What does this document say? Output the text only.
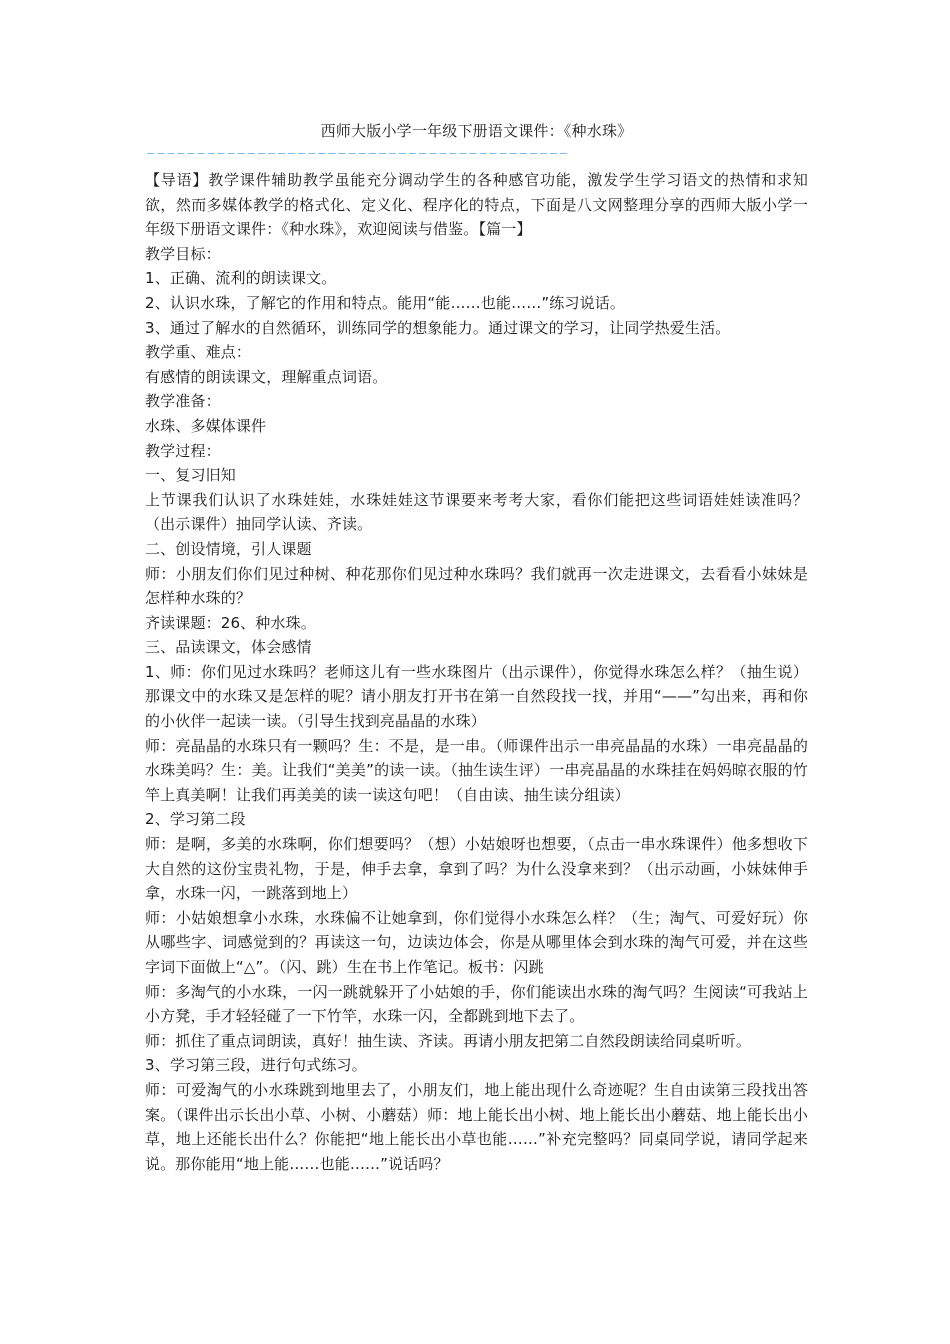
西师大版小学一年级下册语文课件：《种水珠》
——————————————————————————————————————————

【导语】教学课件辅助教学虽能充分调动学生的各种感官功能，激发学生学习语文的热情和求知欲，然而多媒体教学的格式化、定义化、程序化的特点，下面是八文网整理分享的西师大版小学一年级下册语文课件：《种水珠》，欢迎阅读与借鉴。【篇一】

教学目标：

1、正确、流利的朗读课文。

2、认识水珠，了解它的作用和特点。能用“能……也能……”练习说话。

3、通过了解水的自然循环，训练同学的想象能力。通过课文的学习，让同学热爱生活。

教学重、难点：

有感情的朗读课文，理解重点词语。

教学准备：

水珠、多媒体课件

教学过程：

一、复习旧知

上节课我们认识了水珠娃娃，水珠娃娃这节课要来考考大家，看你们能把这些词语娃娃读准吗？（出示课件）抽同学认读、齐读。

二、创设情境，引人课题

师：小朋友们你们见过种树、种花那你们见过种水珠吗？我们就再一次走进课文，去看看小妹妹是怎样种水珠的？

齐读课题：26、种水珠。

三、品读课文，体会感情

1、师：你们见过水珠吗？老师这儿有一些水珠图片（出示课件），你觉得水珠怎么样？（抽生说）那课文中的水珠又是怎样的呢？请小朋友打开书在第一自然段找一找，并用“——”勾出来，再和你的小伙伴一起读一读。（引导生找到亮晶晶的水珠）

师：亮晶晶的水珠只有一颗吗？生：不是，是一串。（师课件出示一串亮晶晶的水珠）一串亮晶晶的水珠美吗？生：美。让我们“美美”的读一读。（抽生读生评）一串亮晶晶的水珠挂在妈妈晾衣服的竹竿上真美啊！让我们再美美的读一读这句吧！（自由读、抽生读分组读）

2、学习第二段

师：是啊，多美的水珠啊，你们想要吗？（想）小姑娘呀也想要，（点击一串水珠课件）他多想收下大自然的这份宝贵礼物，于是，伸手去拿，拿到了吗？为什么没拿来到？（出示动画，小妹妹伸手拿，水珠一闪，一跳落到地上）

师：小姑娘想拿小水珠，水珠偏不让她拿到，你们觉得小水珠怎么样？（生；淘气、可爱好玩）你从哪些字、词感觉到的？再读这一句，边读边体会，你是从哪里体会到水珠的淘气可爱，并在这些字词下面做上“△”。（闪、跳）生在书上作笔记。板书：闪跳

师：多淘气的小水珠，一闪一跳就躲开了小姑娘的手，你们能读出水珠的淘气吗？生阅读“可我站上小方凳，手才轻轻碰了一下竹竿，水珠一闪，全都跳到地下去了。

师：抓住了重点词朗读，真好！抽生读、齐读。再请小朋友把第二自然段朗读给同桌听听。

3、学习第三段，进行句式练习。

师：可爱淘气的小水珠跳到地里去了，小朋友们，地上能出现什么奇迹呢？生自由读第三段找出答案。（课件出示长出小草、小树、小蘑菇）师：地上能长出小树、地上能长出小蘑菇、地上能长出小草，地上还能长出什么？你能把“地上能长出小草也能……”补充完整吗？同桌同学说，请同学起来说。那你能用“地上能……也能……”说话吗？
